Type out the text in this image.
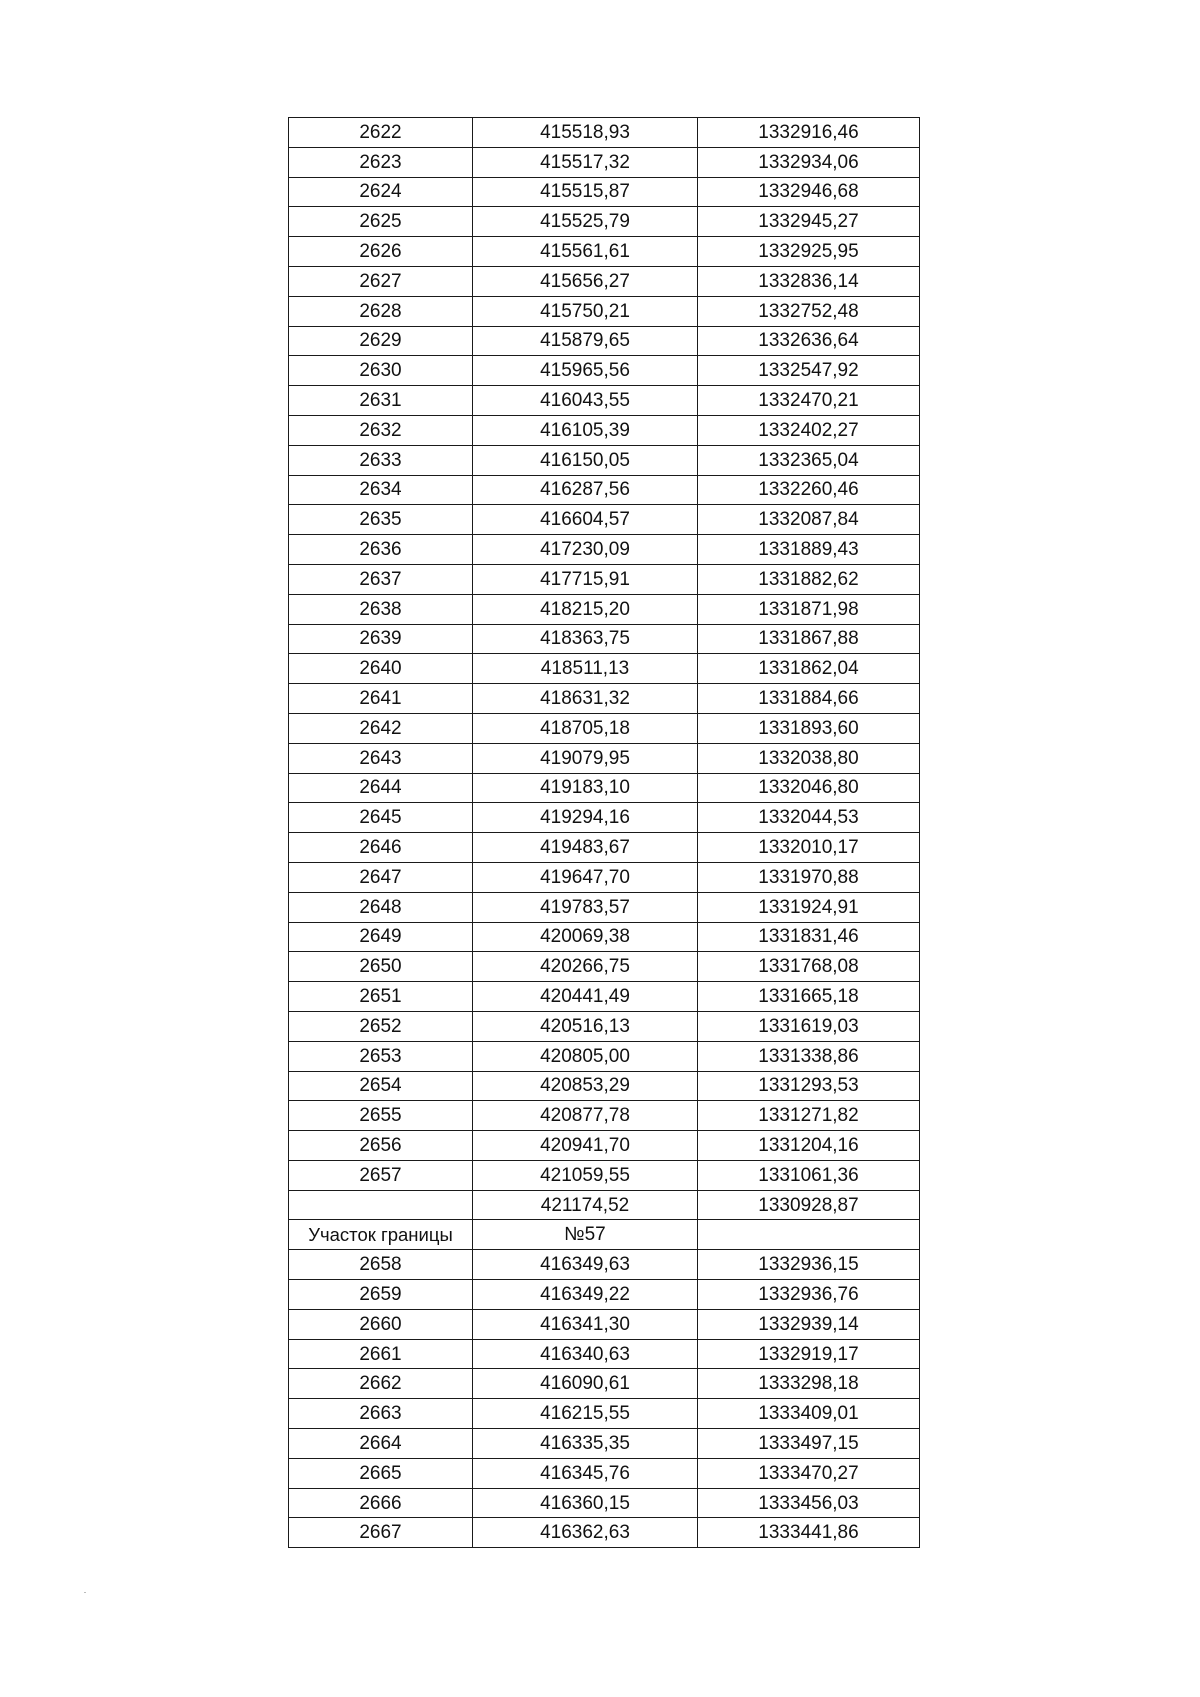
2622	415518,93	1332916,46
2623	415517,32	1332934,06
2624	415515,87	1332946,68
2625	415525,79	1332945,27
2626	415561,61	1332925,95
2627	415656,27	1332836,14
2628	415750,21	1332752,48
2629	415879,65	1332636,64
2630	415965,56	1332547,92
2631	416043,55	1332470,21
2632	416105,39	1332402,27
2633	416150,05	1332365,04
2634	416287,56	1332260,46
2635	416604,57	1332087,84
2636	417230,09	1331889,43
2637	417715,91	1331882,62
2638	418215,20	1331871,98
2639	418363,75	1331867,88
2640	418511,13	1331862,04
2641	418631,32	1331884,66
2642	418705,18	1331893,60
2643	419079,95	1332038,80
2644	419183,10	1332046,80
2645	419294,16	1332044,53
2646	419483,67	1332010,17
2647	419647,70	1331970,88
2648	419783,57	1331924,91
2649	420069,38	1331831,46
2650	420266,75	1331768,08
2651	420441,49	1331665,18
2652	420516,13	1331619,03
2653	420805,00	1331338,86
2654	420853,29	1331293,53
2655	420877,78	1331271,82
2656	420941,70	1331204,16
2657	421059,55	1331061,36
	421174,52	1330928,87
Участок границы	№57	
2658	416349,63	1332936,15
2659	416349,22	1332936,76
2660	416341,30	1332939,14
2661	416340,63	1332919,17
2662	416090,61	1333298,18
2663	416215,55	1333409,01
2664	416335,35	1333497,15
2665	416345,76	1333470,27
2666	416360,15	1333456,03
2667	416362,63	1333441,86
